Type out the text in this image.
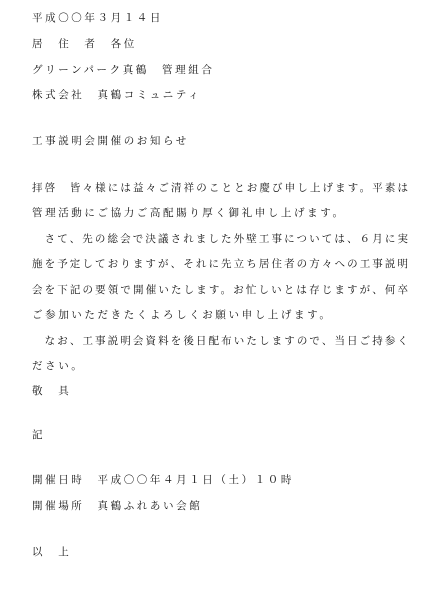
平成〇〇年３月１４日

居　住　者　各位

グリーンパーク真鶴　管理組合

株式会社　真鶴コミュニティ

工事説明会開催のお知らせ

拝啓　皆々様には益々ご清祥のこととお慶び申し上げます。平素は

管理活動にご協力ご高配賜り厚く御礼申し上げます。

　さて、先の総会で決議されました外壁工事については、６月に実

施を予定しておりますが、それに先立ち居住者の方々への工事説明

会を下記の要領で開催いたします。お忙しいとは存じますが、何卒

ご参加いただきたくよろしくお願い申し上げます。

　なお、工事説明会資料を後日配布いたしますので、当日ご持参く

ださい。

敬　具

記

開催日時　平成〇〇年４月１日（土）１０時

開催場所　真鶴ふれあい会館

以　上
